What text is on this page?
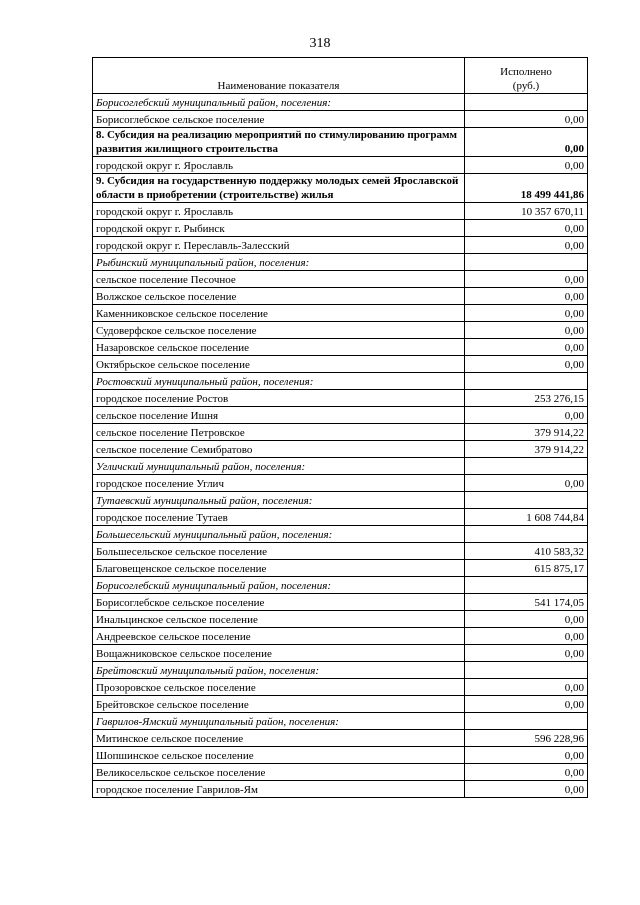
318
Наименование показателя	Исполнено
(руб.)
Борисоглебский муниципальный район, поселения:	
Борисоглебское сельское поселение	0,00
8. Субсидия на реализацию мероприятий по стимулированию программ развития жилищного строительства	0,00
городской округ г. Ярославль	0,00
9. Субсидия на государственную поддержку молодых семей Ярославской области в приобретении (строительстве) жилья	18 499 441,86
городской округ г. Ярославль	10 357 670,11
городской округ г. Рыбинск	0,00
городской округ г. Переславль-Залесский	0,00
Рыбинский муниципальный район, поселения:	
сельское поселение Песочное	0,00
Волжское сельское поселение	0,00
Каменниковское сельское поселение	0,00
Судоверфское сельское поселение	0,00
Назаровское сельское поселение	0,00
Октябрьское сельское поселение	0,00
Ростовский муниципальный район, поселения:	
городское поселение Ростов	253 276,15
сельское поселение Ишня	0,00
сельское поселение Петровское	379 914,22
сельское поселение Семибратово	379 914,22
Угличский муниципальный район, поселения:	
городское поселение Углич	0,00
Тутаевский муниципальный район, поселения:	
городское поселение Тутаев	1 608 744,84
Большесельский муниципальный район, поселения:	
Большесельское сельское поселение	410 583,32
Благовещенское сельское поселение	615 875,17
Борисоглебский муниципальный район, поселения:	
Борисоглебское сельское поселение	541 174,05
Инальцинское сельское поселение	0,00
Андреевское сельское поселение	0,00
Вощажниковское сельское поселение	0,00
Брейтовский муниципальный район, поселения:	
Прозоровское сельское поселение	0,00
Брейтовское сельское поселение	0,00
Гаврилов-Ямский муниципальный район, поселения:	
Митинское сельское поселение	596 228,96
Шопшинское сельское поселение	0,00
Великосельское сельское поселение	0,00
городское поселение Гаврилов-Ям	0,00
